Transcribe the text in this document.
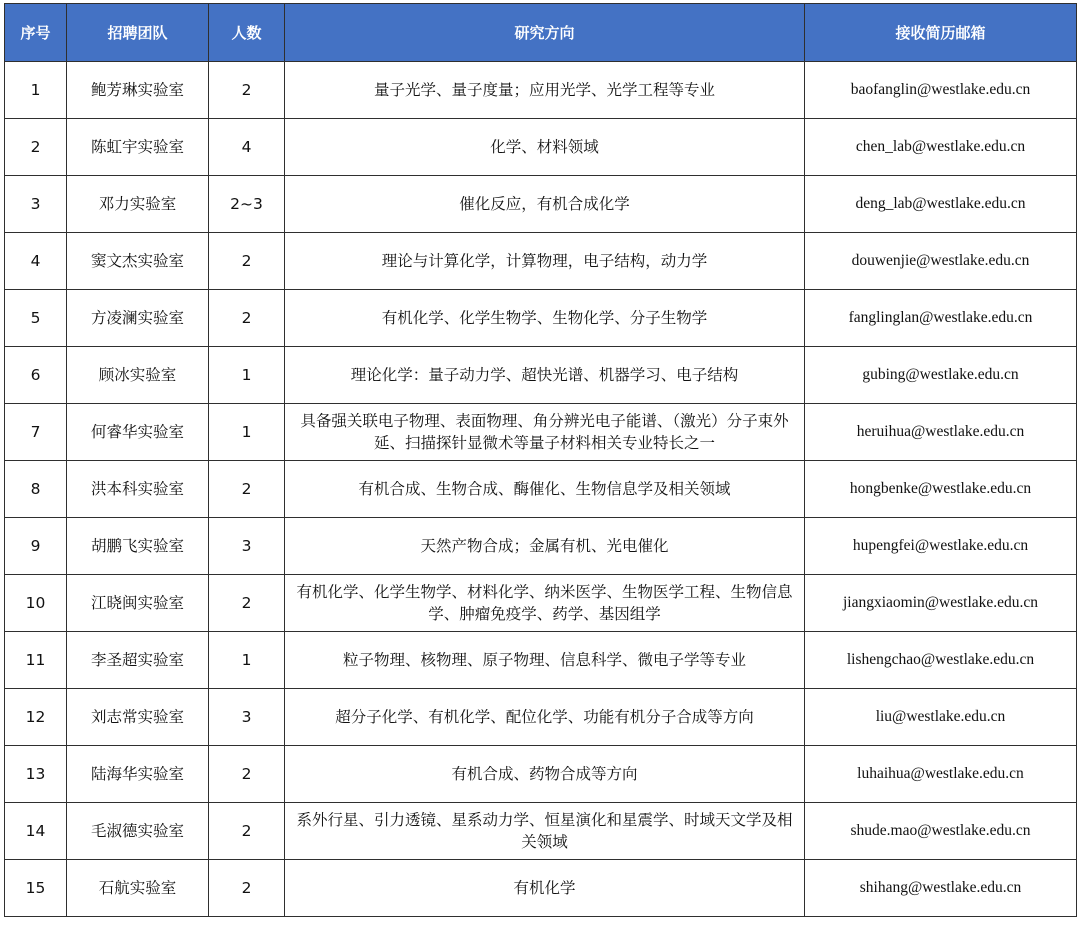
序号	招聘团队	人数	研究方向	接收简历邮箱
1	鲍芳琳实验室	2	量子光学、量子度量；应用光学、光学工程等专业	baofanglin@westlake.edu.cn
2	陈虹宇实验室	4	化学、材料领域	chen_lab@westlake.edu.cn
3	邓力实验室	2~3	催化反应，有机合成化学	deng_lab@westlake.edu.cn
4	窦文杰实验室	2	理论与计算化学，计算物理，电子结构，动力学	douwenjie@westlake.edu.cn
5	方凌澜实验室	2	有机化学、化学生物学、生物化学、分子生物学	fanglinglan@westlake.edu.cn
6	顾冰实验室	1	理论化学：量子动力学、超快光谱、机器学习、电子结构	gubing@westlake.edu.cn
7	何睿华实验室	1	具备强关联电子物理、表面物理、角分辨光电子能谱、（激光）分子束外延、扫描探针显微术等量子材料相关专业特长之一	heruihua@westlake.edu.cn
8	洪本科实验室	2	有机合成、生物合成、酶催化、生物信息学及相关领域	hongbenke@westlake.edu.cn
9	胡鹏飞实验室	3	天然产物合成；金属有机、光电催化	hupengfei@westlake.edu.cn
10	江晓闽实验室	2	有机化学、化学生物学、材料化学、纳米医学、生物医学工程、生物信息学、肿瘤免疫学、药学、基因组学	jiangxiaomin@westlake.edu.cn
11	李圣超实验室	1	粒子物理、核物理、原子物理、信息科学、微电子学等专业	lishengchao@westlake.edu.cn
12	刘志常实验室	3	超分子化学、有机化学、配位化学、功能有机分子合成等方向	liu@westlake.edu.cn
13	陆海华实验室	2	有机合成、药物合成等方向	luhaihua@westlake.edu.cn
14	毛淑德实验室	2	系外行星、引力透镜、星系动力学、恒星演化和星震学、时域天文学及相关领域	shude.mao@westlake.edu.cn
15	石航实验室	2	有机化学	shihang@westlake.edu.cn
